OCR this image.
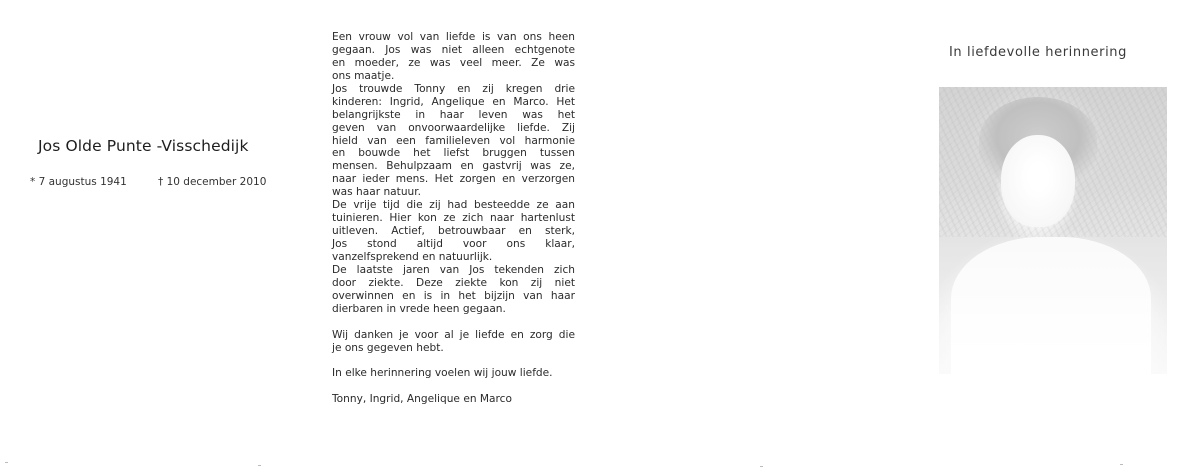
Jos Olde Punte -Visschedijk
* 7 augustus 1941	† 10 december 2010
Een vrouw vol van liefde is van ons heen
gegaan. Jos was niet alleen echtgenote
en moeder, ze was veel meer. Ze was
ons maatje.
Jos trouwde Tonny en zij kregen drie
kinderen: Ingrid, Angelique en Marco. Het
belangrijkste in haar leven was het
geven van onvoorwaardelijke liefde. Zij
hield van een familieleven vol harmonie
en bouwde het liefst bruggen tussen
mensen. Behulpzaam en gastvrij was ze,
naar ieder mens. Het zorgen en verzorgen
was haar natuur.
De vrije tijd die zij had besteedde ze aan
tuinieren. Hier kon ze zich naar hartenlust
uitleven. Actief, betrouwbaar en sterk,
Jos stond altijd voor ons klaar,
vanzelfsprekend en natuurlijk.
De laatste jaren van Jos tekenden zich
door ziekte. Deze ziekte kon zij niet
overwinnen en is in het bijzijn van haar
dierbaren in vrede heen gegaan.
Wij danken je voor al je liefde en zorg die
je ons gegeven hebt.
In elke herinnering voelen wij jouw liefde.
Tonny, Ingrid, Angelique en Marco
In liefdevolle herinnering
